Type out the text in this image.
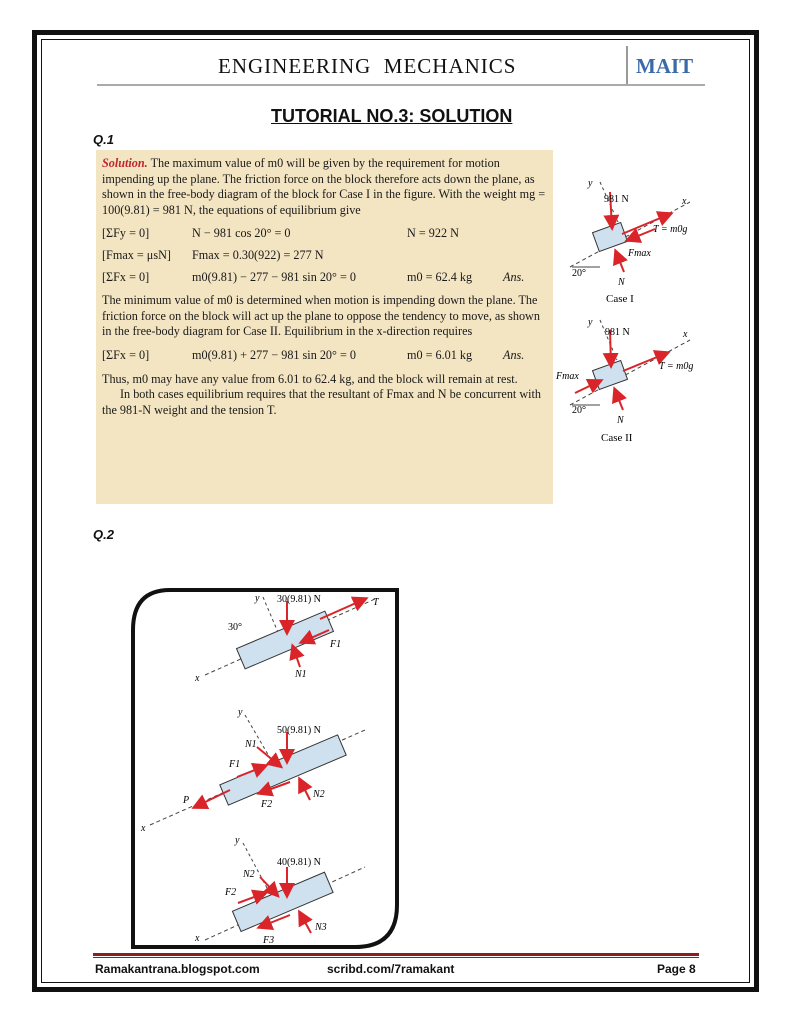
ENGINEERING  MECHANICS	MAIT
TUTORIAL NO.3: SOLUTION
Q.1

Solution. The maximum value of m0 will be given by the requirement for motion impending up the plane. The friction force on the block therefore acts down the plane, as shown in the free-body diagram of the block for Case I in the figure. With the weight mg = 100(9.81) = 981 N, the equations of equilibrium give

[ΣFy = 0]	N − 981 cos 20° = 0	N = 922 N
[Fmax = μsN]	Fmax = 0.30(922) = 277 N
[ΣFx = 0]	m0(9.81) − 277 − 981 sin 20° = 0	m0 = 62.4 kg	Ans.

The minimum value of m0 is determined when motion is impending down the plane. The friction force on the block will act up the plane to oppose the tendency to move, as shown in the free-body diagram for Case II. Equilibrium in the x-direction requires

[ΣFx = 0]	m0(9.81) + 277 − 981 sin 20° = 0	m0 = 6.01 kg	Ans.

Thus, m0 may have any value from 6.01 to 62.4 kg, and the block will remain at rest.

In both cases equilibrium requires that the resultant of Fmax and N be concurrent with the 981-N weight and the tension T.

y
981 N	x
T = m0g
Fmax
N
20°
Case I
y
981 N	x
T = m0g
Fmax
N
20°
Case II
Q.2
y 30(9.81) N	T
30°
F1
N1
x
y
50(9.81) N
N1
F1
P	F2
N2
x
y
40(9.81) N
N2
F2
F3
N3
x
Ramakantrana.blogspot.com	scribd.com/7ramakant	Page 8
